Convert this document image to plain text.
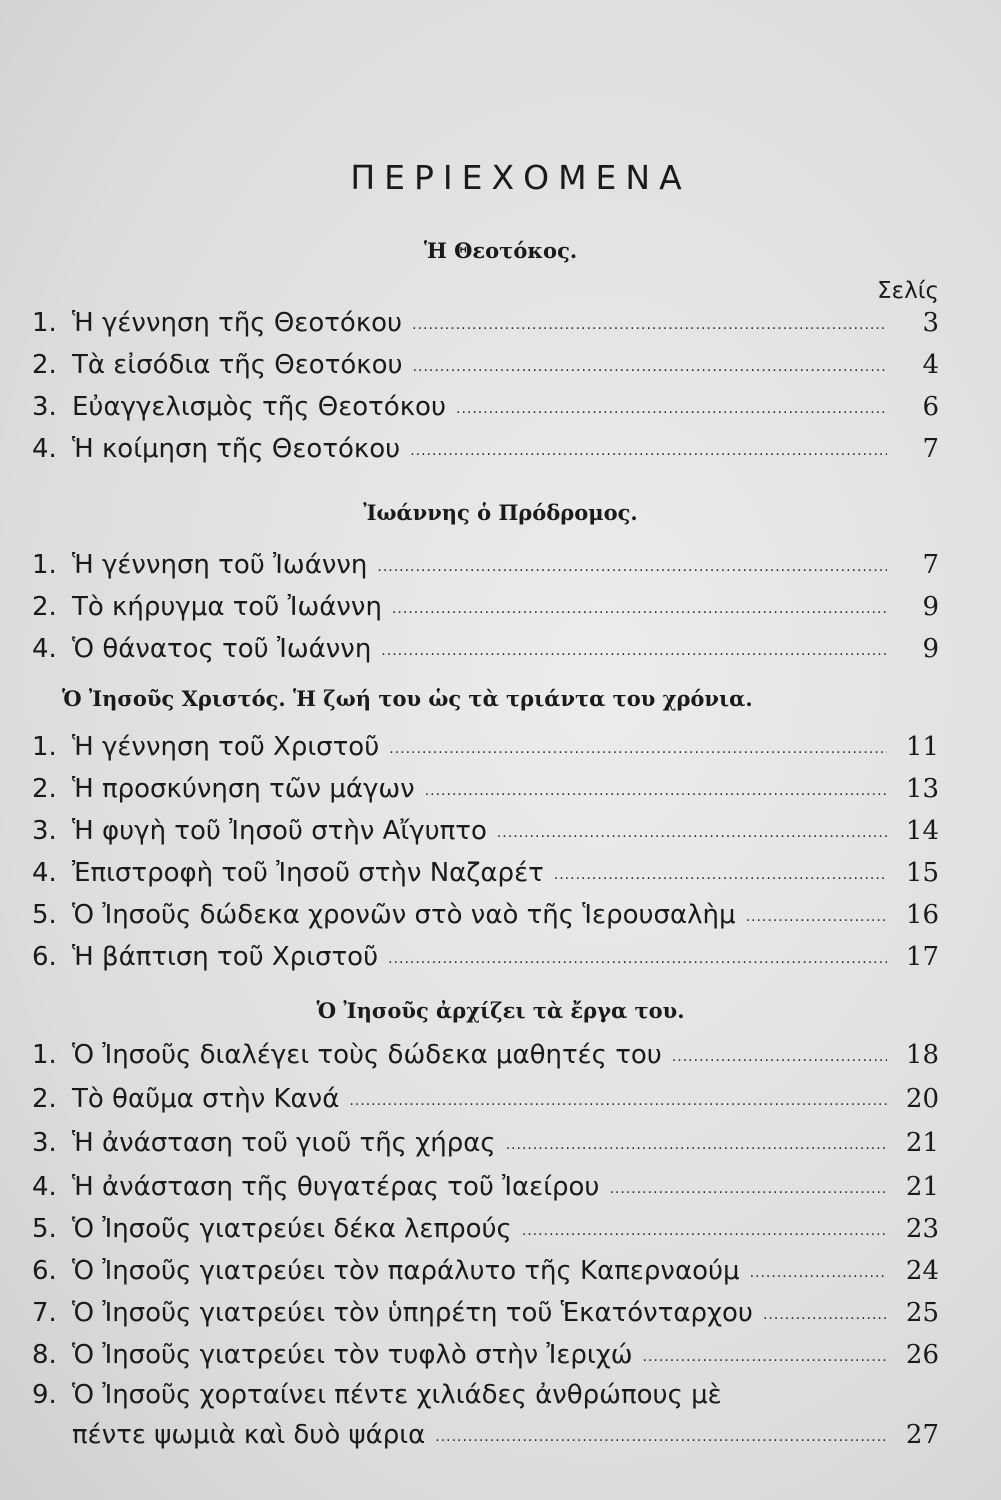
ΠΕΡΙΕΧΟΜΕΝΑ
Ἡ Θεοτόκος.
Σελίς
1. Ἡ γέννηση τῆς Θεοτόκου .....	3
2. Τὰ εἰσόδια τῆς Θεοτόκου .....	4
3. Εὐαγγελισμὸς τῆς Θεοτόκου .....	6
4. Ἡ κοίμηση τῆς Θεοτόκου .....	7
Ἰωάννης ὁ Πρόδρομος.
1. Ἡ γέννηση τοῦ Ἰωάννη .....	7
2. Τὸ κήρυγμα τοῦ Ἰωάννη .....	9
4. Ὁ θάνατος τοῦ Ἰωάννη .....	9
Ὁ Ἰησοῦς Χριστός. Ἡ ζωή του ὡς τὰ τριάντα του χρόνια.
1. Ἡ γέννηση τοῦ Χριστοῦ .....	11
2. Ἡ προσκύνηση τῶν μάγων .....	13
3. Ἡ φυγὴ τοῦ Ἰησοῦ στὴν Αἴγυπτο .....	14
4. Ἐπιστροφὴ τοῦ Ἰησοῦ στὴν Ναζαρέτ .....	15
5. Ὁ Ἰησοῦς δώδεκα χρονῶν στὸ ναὸ τῆς Ἱερουσαλὴμ .....	16
6. Ἡ βάπτιση τοῦ Χριστοῦ .....	17
Ὁ Ἰησοῦς ἀρχίζει τὰ ἔργα του.
1. Ὁ Ἰησοῦς διαλέγει τοὺς δώδεκα μαθητές του .....	18
2. Τὸ θαῦμα στὴν Κανά .....	20
3. Ἡ ἀνάσταση τοῦ γιοῦ τῆς χήρας .....	21
4. Ἡ ἀνάσταση τῆς θυγατέρας τοῦ Ἰαείρου .....	21
5. Ὁ Ἰησοῦς γιατρεύει δέκα λεπρούς .....	23
6. Ὁ Ἰησοῦς γιατρεύει τὸν παράλυτο τῆς Καπερναούμ .....	24
7. Ὁ Ἰησοῦς γιατρεύει τὸν ὑπηρέτη τοῦ Ἑκατόνταρχου .....	25
8. Ὁ Ἰησοῦς γιατρεύει τὸν τυφλὸ στὴν Ἰεριχώ .....	26
9. Ὁ Ἰησοῦς χορταίνει πέντε χιλιάδες ἀνθρώπους μὲ
πέντε ψωμιὰ καὶ δυὸ ψάρια .....	27
